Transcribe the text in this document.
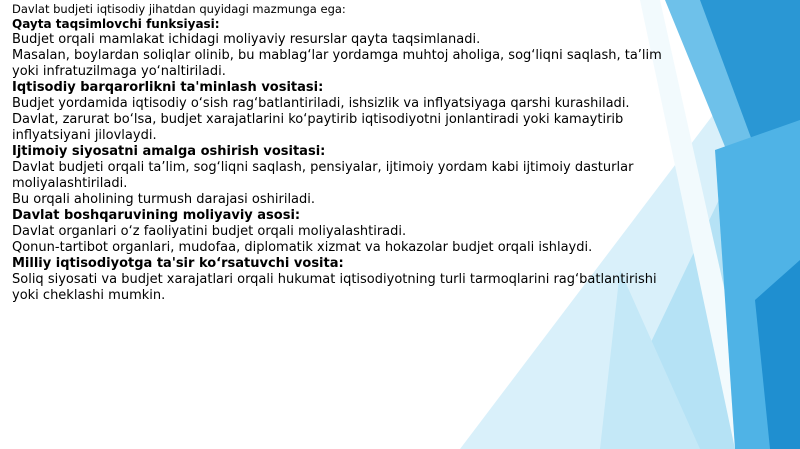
Davlat budjeti iqtisodiy jihatdan quyidagi mazmunga ega:

Qayta taqsimlovchi funksiyasi:

Budjet orqali mamlakat ichidagi moliyaviy resurslar qayta taqsimlanadi.

Masalan, boylardan soliqlar olinib, bu mablag‘lar yordamga muhtoj aholiga, sog‘liqni saqlash, ta’lim yoki infratuzilmaga yo‘naltiriladi.

Iqtisodiy barqarorlikni ta'minlash vositasi:

Budjet yordamida iqtisodiy o‘sish rag‘batlantiriladi, ishsizlik va inflyatsiyaga qarshi kurashiladi.

Davlat, zarurat bo‘lsa, budjet xarajatlarini ko‘paytirib iqtisodiyotni jonlantiradi yoki kamaytirib inflyatsiyani jilovlaydi.

Ijtimoiy siyosatni amalga oshirish vositasi:

Davlat budjeti orqali ta’lim, sog‘liqni saqlash, pensiyalar, ijtimoiy yordam kabi ijtimoiy dasturlar moliyalashtiriladi.

Bu orqali aholining turmush darajasi oshiriladi.

Davlat boshqaruvining moliyaviy asosi:

Davlat organlari o‘z faoliyatini budjet orqali moliyalashtiradi.

Qonun-tartibot organlari, mudofaa, diplomatik xizmat va hokazolar budjet orqali ishlaydi.

Milliy iqtisodiyotga ta'sir ko‘rsatuvchi vosita:

Soliq siyosati va budjet xarajatlari orqali hukumat iqtisodiyotning turli tarmoqlarini rag‘batlantirishi yoki cheklashi mumkin.
